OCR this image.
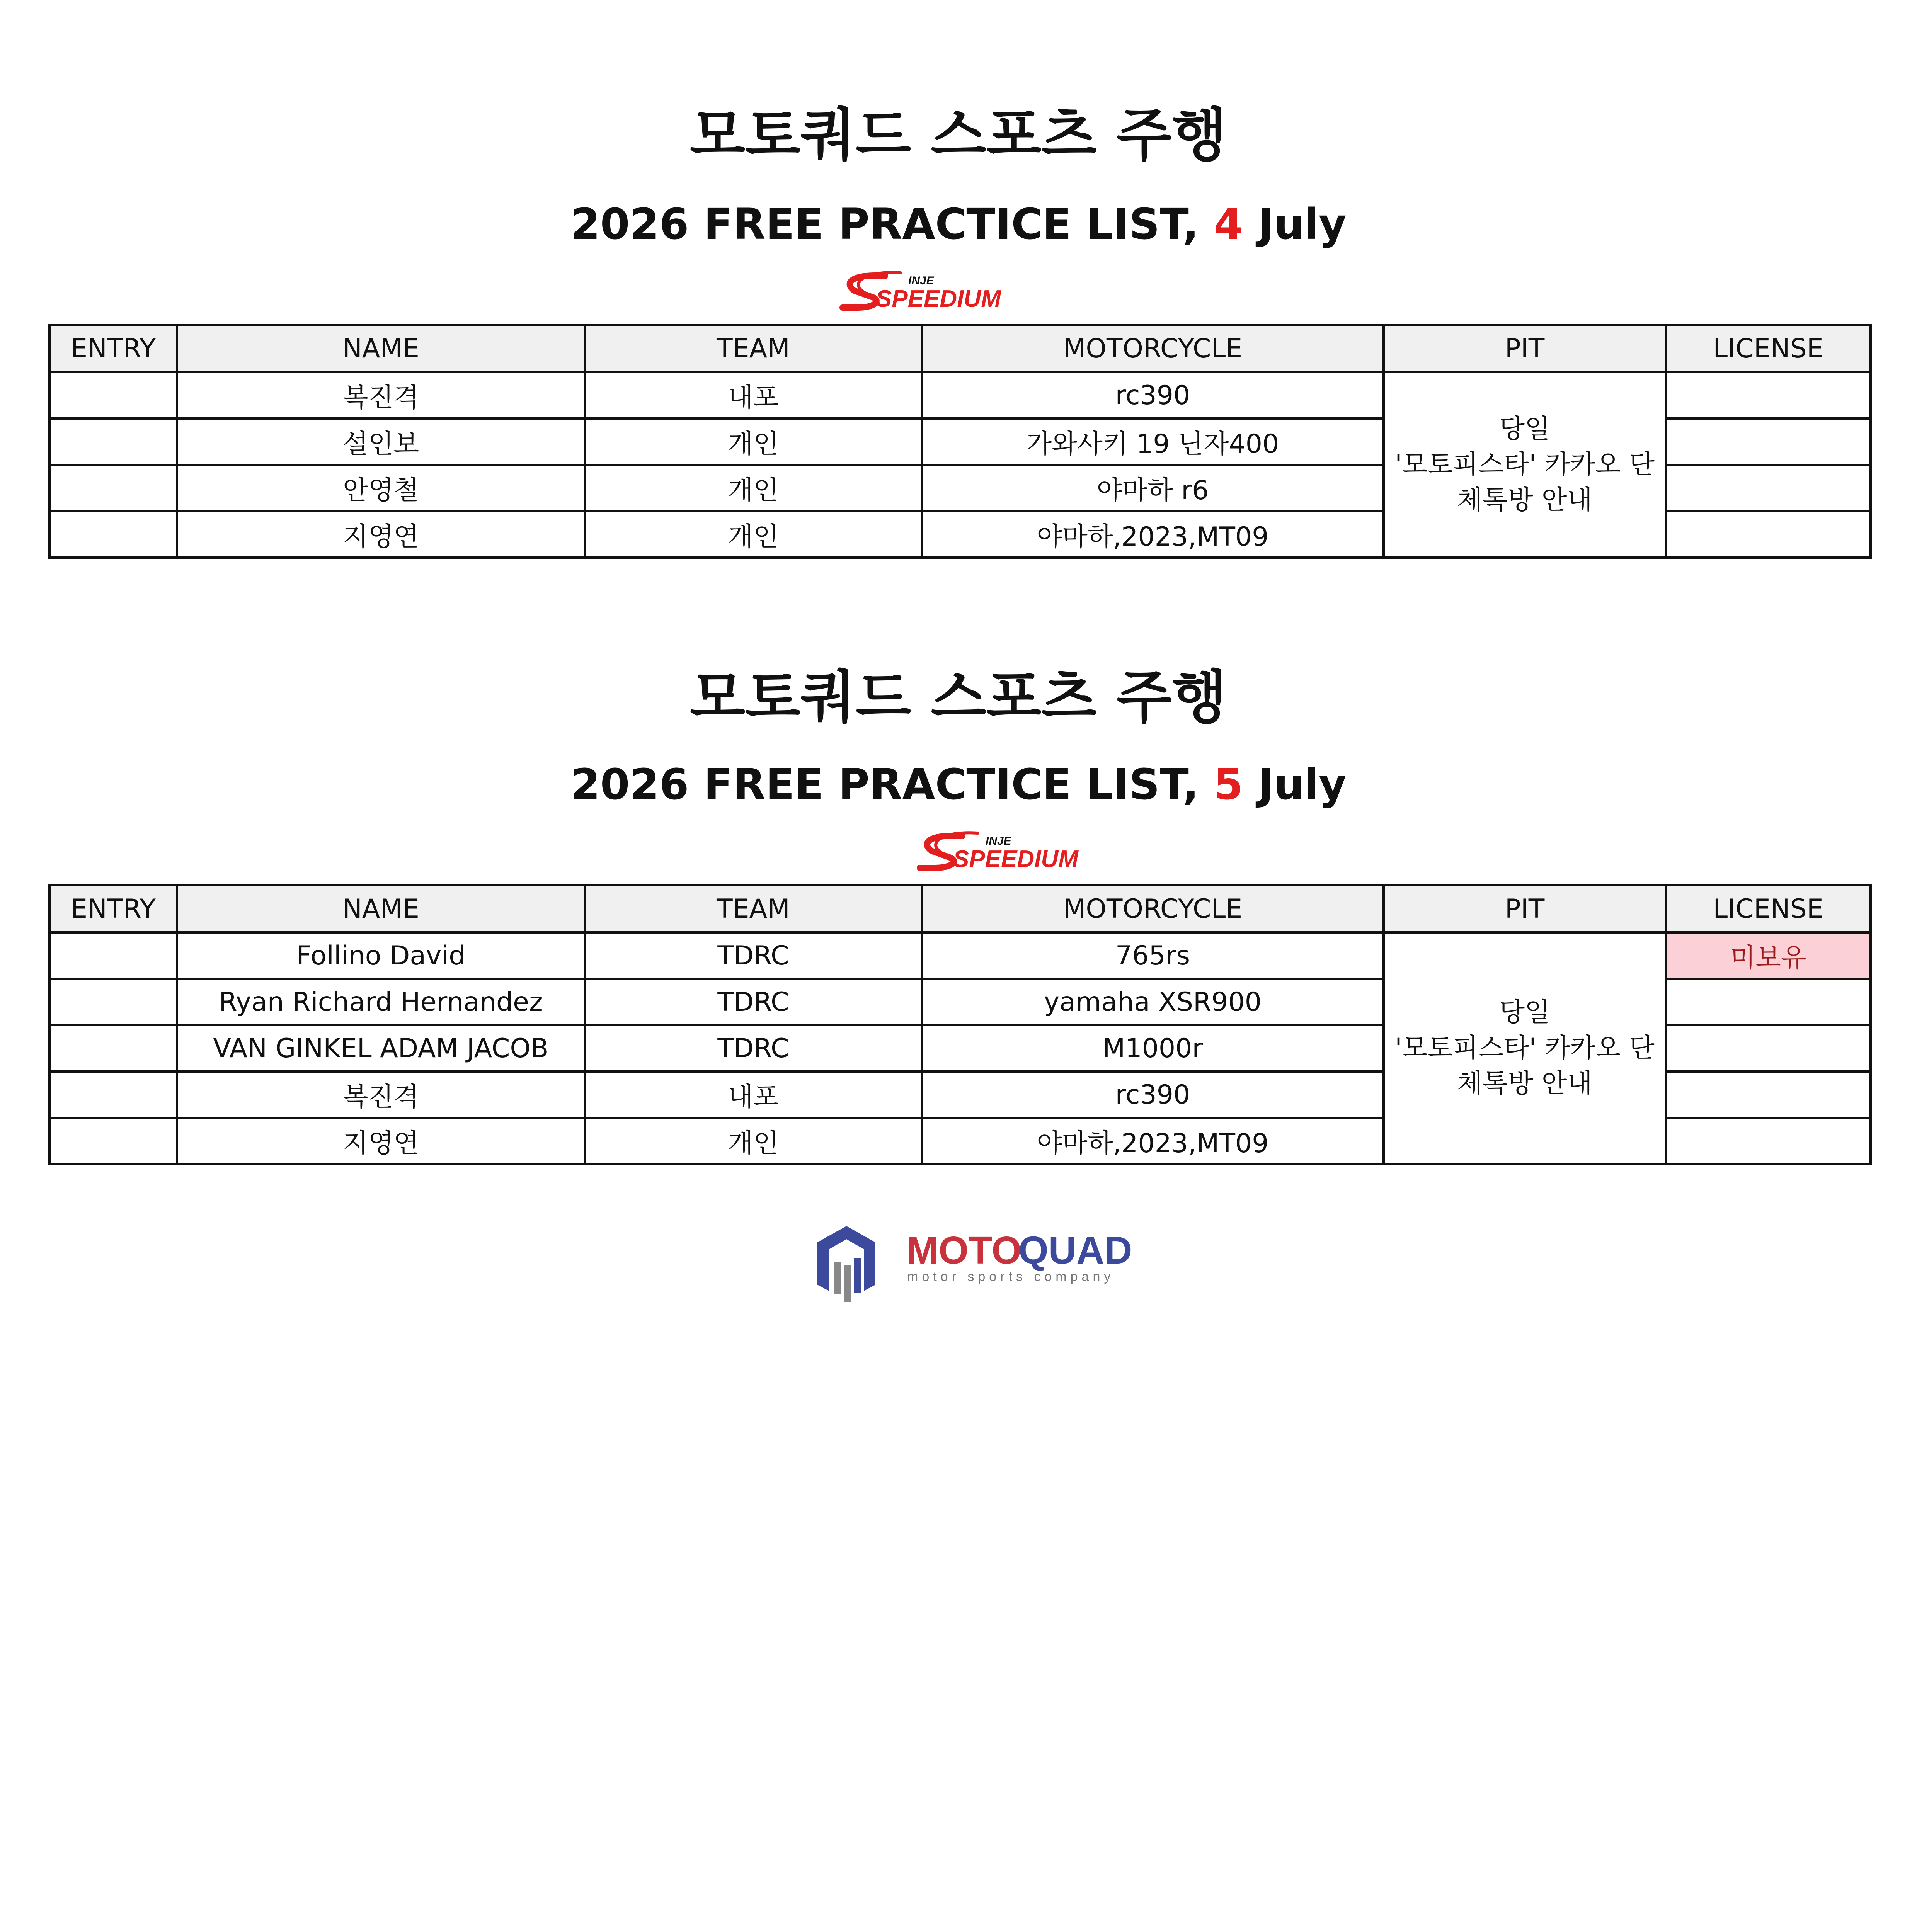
모토쿼드 스포츠 주행
2026 FREE PRACTICE LIST, 4 July
INJE
SPEEDIUM
ENTRY	NAME	TEAM	MOTORCYCLE	PIT	LICENSE
	복진격	내포	rc390	당일
'모토피스타' 카카오 단
체톡방 안내	
	설인보	개인	가와사키 19 닌자400		
	안영철	개인	야마하 r6		
	지영연	개인	야마하,2023,MT09		
모토쿼드 스포츠 주행
2026 FREE PRACTICE LIST, 5 July
INJE
SPEEDIUM
ENTRY	NAME	TEAM	MOTORCYCLE	PIT	LICENSE
	Follino David	TDRC	765rs	당일
'모토피스타' 카카오 단
체톡방 안내	미보유
	Ryan Richard Hernandez	TDRC	yamaha XSR900		
	VAN GINKEL ADAM JACOB	TDRC	M1000r		
	복진격	내포	rc390		
	지영연	개인	야마하,2023,MT09		
MOTO
QUAD
motor sports company
